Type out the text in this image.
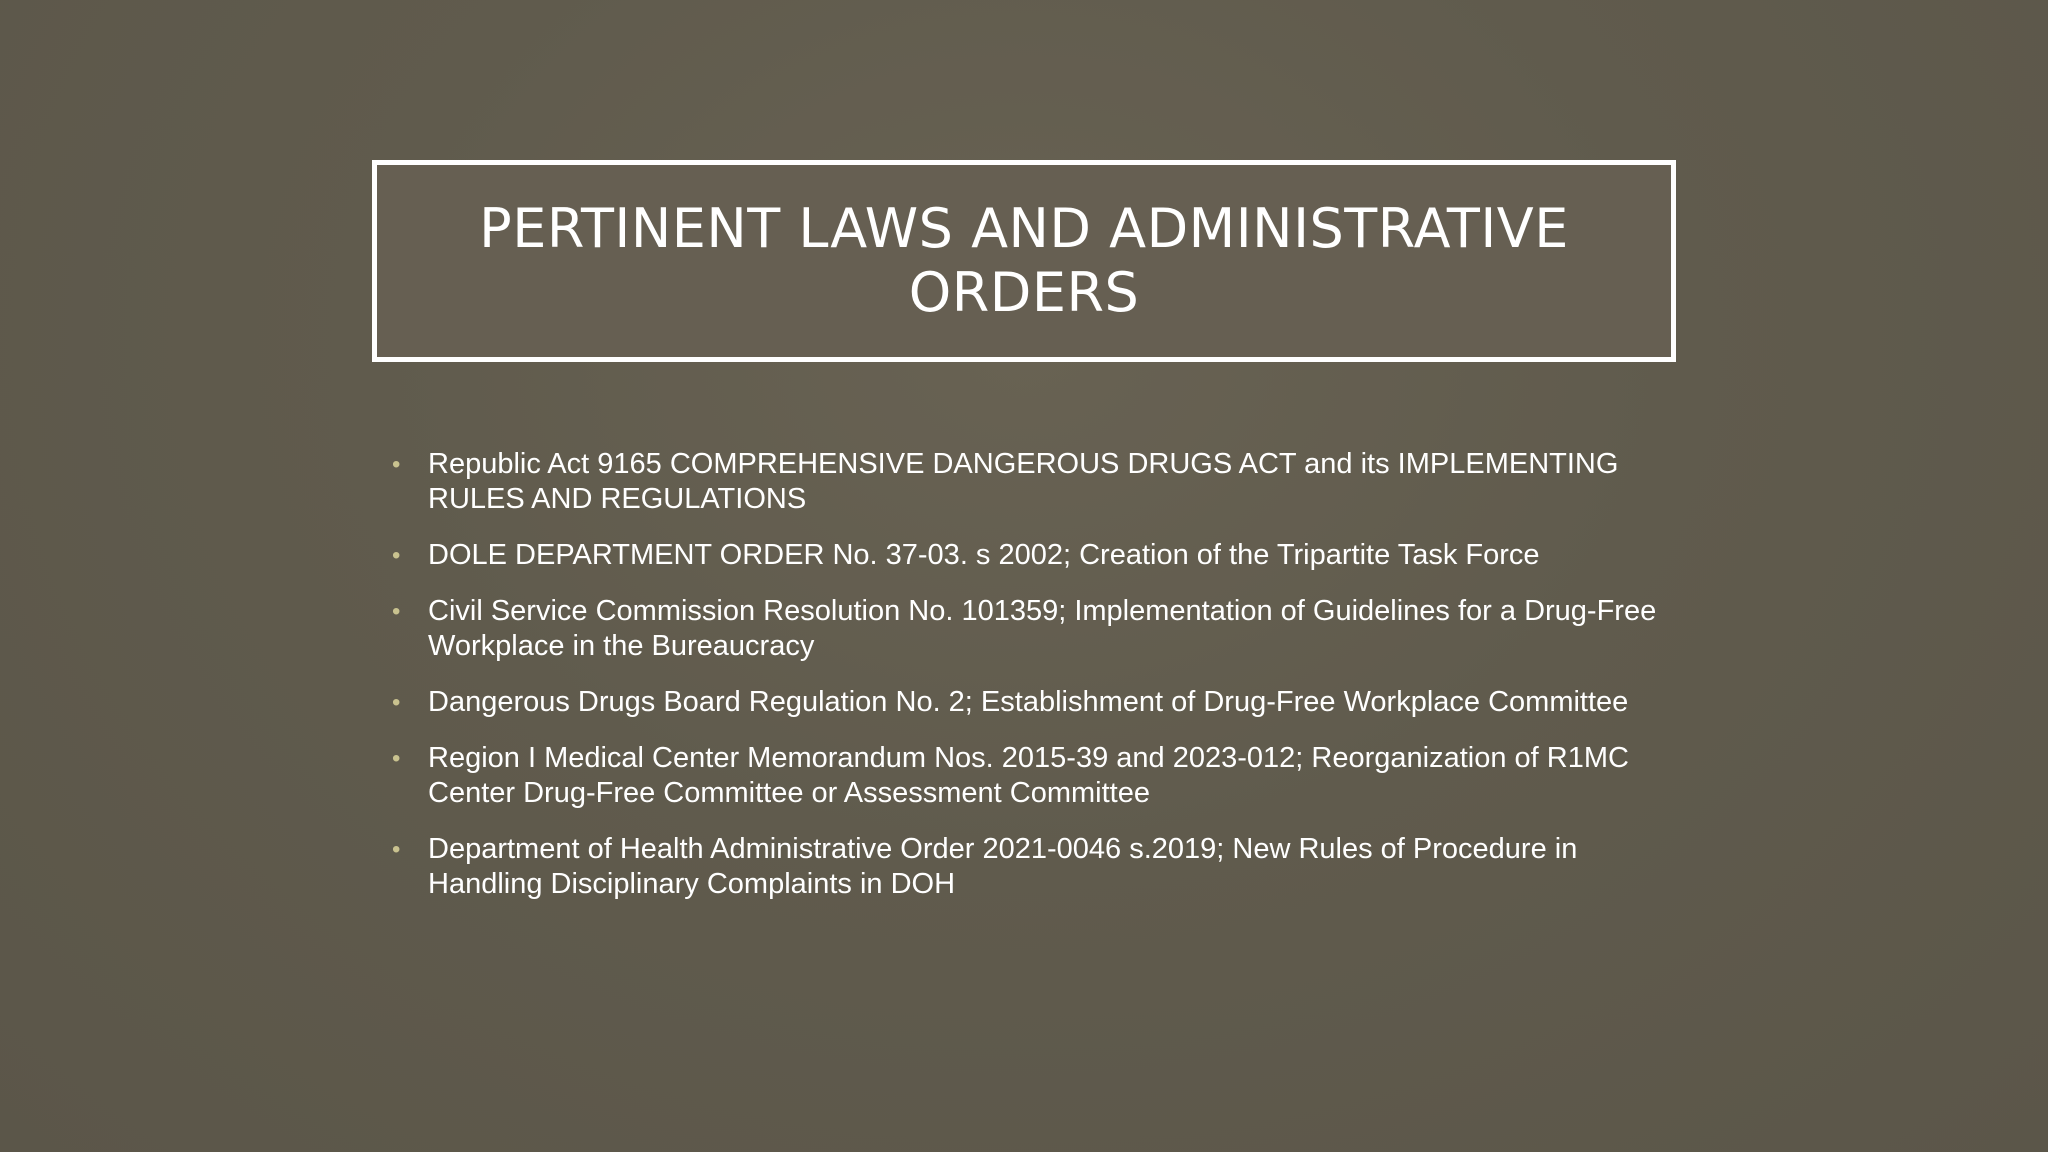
PERTINENT LAWS AND ADMINISTRATIVE ORDERS
• Republic Act 9165 COMPREHENSIVE DANGEROUS DRUGS ACT and its IMPLEMENTING RULES AND REGULATIONS
• DOLE DEPARTMENT ORDER No. 37-03. s 2002; Creation of the Tripartite Task Force
• Civil Service Commission Resolution No. 101359; Implementation of Guidelines for a Drug-Free Workplace in the Bureaucracy
• Dangerous Drugs Board Regulation No. 2; Establishment of Drug-Free Workplace Committee
• Region I Medical Center Memorandum Nos. 2015-39 and 2023-012; Reorganization of R1MC Center Drug-Free Committee or Assessment Committee
• Department of Health Administrative Order 2021-0046 s.2019; New Rules of Procedure in Handling Disciplinary Complaints in DOH
